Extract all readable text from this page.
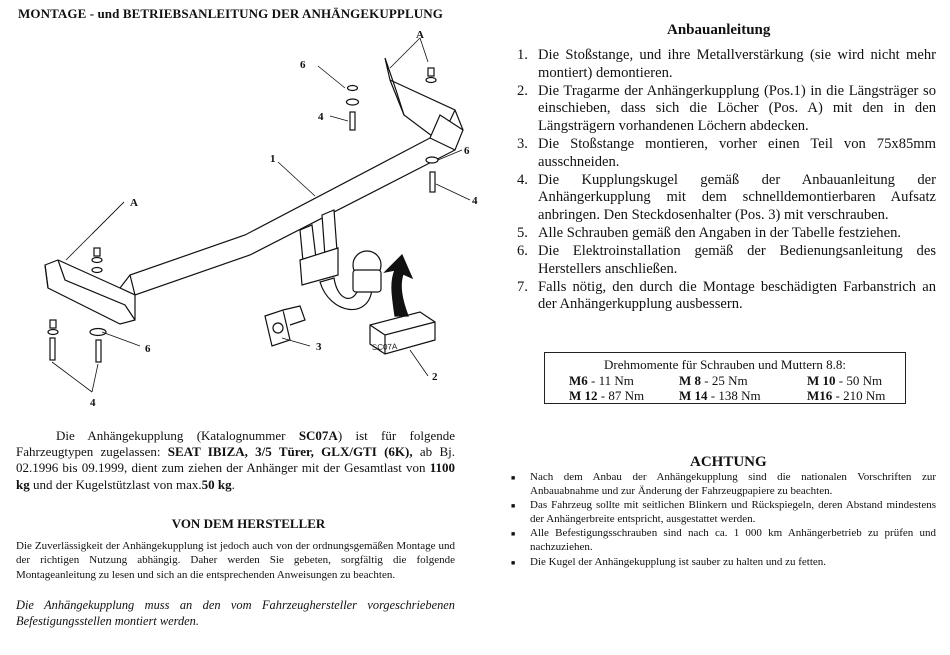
MONTAGE - und BETRIEBSANLEITUNG DER ANHÄNGEKUPPLUNG
A
6
4
1
6
4
A
6
4
3
2
SC07A
Anbauanleitung
1. Die Stoßstange, und ihre Metallverstärkung (sie wird nicht mehr montiert) demontieren.
2. Die Tragarme der Anhängerkupplung (Pos.1) in die Längsträger so einschieben, dass sich die Löcher (Pos. A) mit den in den Längsträgern vorhandenen Löchern abdecken.
3. Die Stoßstange montieren, vorher einen Teil von 75x85mm ausschneiden.
4. Die Kupplungskugel gemäß der Anbauanleitung der Anhängerkupplung mit dem schnelldemontierbaren Aufsatz anbringen. Den Steckdosenhalter (Pos. 3) mit verschrauben.
5. Alle Schrauben gemäß den Angaben in der Tabelle festziehen.
6. Die Elektroinstallation gemäß der Bedienungsanleitung des Herstellers anschließen.
7. Falls nötig, den durch die Montage beschädigten Farbanstrich an der Anhängerkupplung ausbessern.
Drehmomente für Schrauben und Muttern 8.8:
M6 - 11 Nm	M 8 - 25 Nm	M 10 - 50 Nm
M 12 - 87 Nm	M 14 - 138 Nm	M16 - 210 Nm
Die Anhängekupplung (Katalognummer SC07A) ist für folgende Fahrzeugtypen zugelassen: SEAT IBIZA, 3/5 Türer, GLX/GTI (6K), ab Bj. 02.1996 bis 09.1999, dient zum ziehen der Anhänger mit der Gesamtlast von 1100 kg und der Kugelstützlast von max.50 kg.
VON DEM HERSTELLER
Die Zuverlässigkeit der Anhängekupplung ist jedoch auch von der ordnungsgemäßen Montage und der richtigen Nutzung abhängig. Daher werden Sie gebeten, sorgfältig die folgende Montageanleitung zu lesen und sich an die entsprechenden Anweisungen zu beachten.
Die Anhängekupplung muss an den vom Fahrzeughersteller vorgeschriebenen Befestigungsstellen montiert werden.
ACHTUNG
■ Nach dem Anbau der Anhängekupplung sind die nationalen Vorschriften zur Anbauabnahme und zur Änderung der Fahrzeugpapiere zu beachten.
■ Das Fahrzeug sollte mit seitlichen Blinkern und Rückspiegeln, deren Abstand mindestens der Anhängerbreite entspricht, ausgestattet werden.
■ Alle Befestigungsschrauben sind nach ca. 1 000 km Anhängerbetrieb zu prüfen und nachzuziehen.
■ Die Kugel der Anhängekupplung ist sauber zu halten und zu fetten.
